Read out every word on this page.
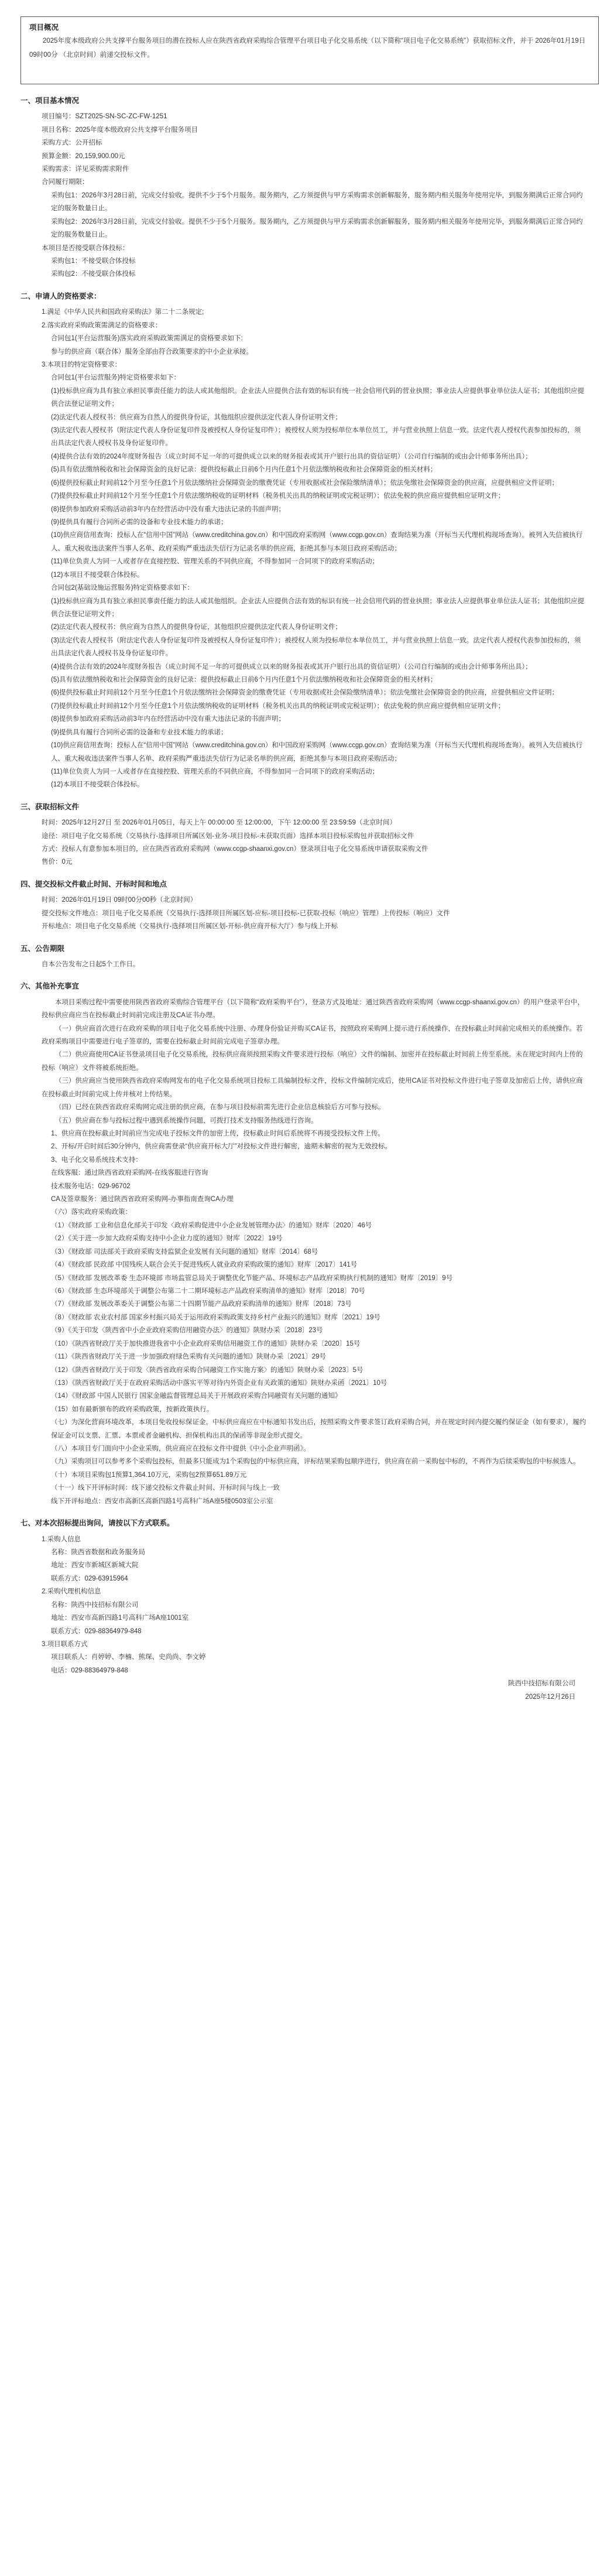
项目概况
2025年度本级政府公共支撑平台服务项目的潜在投标人应在陕西省政府采购综合管理平台项目电子化交易系统（以下简称“项目电子化交易系统”）获取招标文件，并于 2026年01月19日 09时00分 （北京时间）前递交投标文件。
一、项目基本情况
项目编号：SZT2025-SN-SC-ZC-FW-1251
项目名称：2025年度本级政府公共支撑平台服务项目
采购方式：公开招标
预算金额：20,159,900.00元
采购需求：详见采购需求附件
合同履行期限：
采购包1：2026年3月28日前，完成交付验收。提供不少于5个月服务。服务期内，乙方须提供与甲方采购需求创新解服务，服务期内相关服务年使用完毕，到服务期满后正常合同约定的服务数量日止。
采购包2：2026年3月28日前，完成交付验收。提供不少于5个月服务。服务期内，乙方须提供与甲方采购需求创新解服务，服务期内相关服务年使用完毕，到服务期满后正常合同约定的服务数量日止。
本项目是否接受联合体投标：
采购包1：不接受联合体投标
采购包2：不接受联合体投标
二、申请人的资格要求：
1.满足《中华人民共和国政府采购法》第二十二条规定;
2.落实政府采购政策需满足的资格要求：
合同包1(平台运营服务)落实政府采购政策需满足的资格要求如下:
参与的供应商（联合体）服务全部由符合政策要求的中小企业承接。
3.本项目的特定资格要求：
合同包1(平台运营服务)特定资格要求如下：
(1)投标供应商为具有独立承担民事责任能力的法人或其他组织。企业法人应提供合法有效的标识有统一社会信用代码的营业执照；事业法人应提供事业单位法人证书；其他组织应提供合法登记证明文件；
(2)法定代表人授权书：供应商为自然人的提供身份证，其他组织应提供法定代表人身份证明文件；
(3)法定代表人授权书（附法定代表人身份证复印件及被授权人身份证复印件）；被授权人须为投标单位本单位员工，并与营业执照上信息一致。法定代表人授权代表参加投标的，须出具法定代表人授权书及身份证复印件。
(4)提供合法有效的2024年度财务报告（成立时间不足一年的可提供成立以来的财务报表或其开户银行出具的资信证明）（公司自行编制的或由会计师事务所出具）；
(5)具有依法缴纳税收和社会保障资金的良好记录：提供投标截止日前6个月内任意1个月依法缴纳税收和社会保障资金的相关材料；
(6)提供投标截止时间前12个月至今任意1个月依法缴纳社会保障资金的缴费凭证（专用收据或社会保险缴纳清单）；依法免缴社会保障资金的供应商，应提供相应文件证明；
(7)提供投标截止时间前12个月至今任意1个月依法缴纳税收的证明材料（税务机关出具的纳税证明或完税证明）；依法免税的供应商应提供相应证明文件；
(8)提供参加政府采购活动前3年内在经营活动中没有重大违法记录的书面声明；
(9)提供具有履行合同所必需的设备和专业技术能力的承诺；
(10)供应商信用查询：投标人在“信用中国”网站（www.creditchina.gov.cn）和中国政府采购网（www.ccgp.gov.cn）查询结果为准（开标当天代理机构现场查询）。被列入失信被执行人、重大税收违法案件当事人名单、政府采购严重违法失信行为记录名单的供应商，拒绝其参与本项目政府采购活动；
(11)单位负责人为同一人或者存在直接控股、管理关系的不同供应商，不得参加同一合同项下的政府采购活动；
(12)本项目不接受联合体投标。
合同包2(基础设施运营服务)特定资格要求如下：
(1)投标供应商为具有独立承担民事责任能力的法人或其他组织。企业法人应提供合法有效的标识有统一社会信用代码的营业执照；事业法人应提供事业单位法人证书；其他组织应提供合法登记证明文件；
(2)法定代表人授权书：供应商为自然人的提供身份证，其他组织应提供法定代表人身份证明文件；
(3)法定代表人授权书（附法定代表人身份证复印件及被授权人身份证复印件）；被授权人须为投标单位本单位员工，并与营业执照上信息一致。法定代表人授权代表参加投标的，须出具法定代表人授权书及身份证复印件。
(4)提供合法有效的2024年度财务报告（成立时间不足一年的可提供成立以来的财务报表或其开户银行出具的资信证明）（公司自行编制的或由会计师事务所出具）；
(5)具有依法缴纳税收和社会保障资金的良好记录：提供投标截止日前6个月内任意1个月依法缴纳税收和社会保障资金的相关材料；
(6)提供投标截止时间前12个月至今任意1个月依法缴纳社会保障资金的缴费凭证（专用收据或社会保险缴纳清单）；依法免缴社会保障资金的供应商，应提供相应文件证明；
(7)提供投标截止时间前12个月至今任意1个月依法缴纳税收的证明材料（税务机关出具的纳税证明或完税证明）；依法免税的供应商应提供相应证明文件；
(8)提供参加政府采购活动前3年内在经营活动中没有重大违法记录的书面声明；
(9)提供具有履行合同所必需的设备和专业技术能力的承诺；
(10)供应商信用查询：投标人在“信用中国”网站（www.creditchina.gov.cn）和中国政府采购网（www.ccgp.gov.cn）查询结果为准（开标当天代理机构现场查询）。被列入失信被执行人、重大税收违法案件当事人名单、政府采购严重违法失信行为记录名单的供应商，拒绝其参与本项目政府采购活动；
(11)单位负责人为同一人或者存在直接控股、管理关系的不同供应商，不得参加同一合同项下的政府采购活动；
(12)本项目不接受联合体投标。
三、获取招标文件
时间：2025年12月27日 至 2026年01月05日，每天上午 00:00:00 至 12:00:00，下午 12:00:00 至 23:59:59（北京时间）
途径：项目电子化交易系统（交易执行-选择项目所属区划-业务-项目投标-未获取页面）选择本项目投标采购包并获取招标文件
方式：投标人有意参加本项目的，应在陕西省政府采购网（www.ccgp-shaanxi.gov.cn）登录项目电子化交易系统申请获取采购文件
售价：0元
四、提交投标文件截止时间、开标时间和地点
时间：2026年01月19日 09时00分00秒（北京时间）
提交投标文件地点：项目电子化交易系统（交易执行-选择项目所属区划-应标-项目投标-已获取-投标（响应）管理）上传投标（响应）文件
开标地点：项目电子化交易系统（交易执行-选择项目所属区划-开标-供应商开标大厅）参与线上开标
五、公告期限
自本公告发布之日起5个工作日。
六、其他补充事宜
本项目采购过程中需要使用陕西省政府采购综合管理平台（以下简称“政府采购平台”），登录方式及地址：通过陕西省政府采购网（www.ccgp-shaanxi.gov.cn）的用户登录平台中，投标供应商应当在投标截止时间前完成注册及CA证书办理。
（一）供应商首次进行在政府采购的项目电子化交易系统中注册、办理身份验证并购买CA证书，按照政府采购网上提示进行系统操作，在投标截止时间前完成相关的系统操作。若政府采购项目中需要进行电子签章的，需要在投标截止时间前完成电子签章办理。
（二）供应商使用CA证书登录项目电子化交易系统，投标供应商须按照采购文件要求进行投标（响应）文件的编制、加密并在投标截止时间前上传至系统。未在规定时间内上传的投标（响应）文件将被系统拒绝。
（三）供应商应当使用陕西省政府采购网发布的电子化交易系统项目投标工具编制投标文件，投标文件编制完成后，使用CA证书对投标文件进行电子签章及加密后上传，请供应商在投标截止时间前完成上传并核对上传结果。
（四）已经在陕西省政府采购网完成注册的供应商，在参与项目投标前需先进行企业信息核验后方可参与投标。
（五）供应商在参与投标过程中遇到系统操作问题，可拨打技术支持服务热线进行咨询。
1、供应商在投标截止时间前应当完成电子投标文件的加密上传，投标截止时间后系统将不再接受投标文件上传。
2、开标/开启时间后30分钟内，供应商需登录“供应商开标大厅”对投标文件进行解密，逾期未解密的视为无效投标。
3、电子化交易系统技术支持：
在线客服：通过陕西省政府采购网-在线客服进行咨询
技术服务电话：029-96702
CA及签章服务：通过陕西省政府采购网-办事指南查询CA办理
（六）落实政府采购政策：
（1）《财政部 工业和信息化部关于印发〈政府采购促进中小企业发展管理办法〉的通知》财库〔2020〕46号
（2）《关于进一步加大政府采购支持中小企业力度的通知》财库〔2022〕19号
（3）《财政部 司法部关于政府采购支持监狱企业发展有关问题的通知》财库〔2014〕68号
（4）《财政部 民政部 中国残疾人联合会关于促进残疾人就业政府采购政策的通知》财库〔2017〕141号
（5）《财政部 发展改革委 生态环境部 市场监管总局关于调整优化节能产品、环境标志产品政府采购执行机制的通知》财库〔2019〕9号
（6）《财政部 生态环境部关于调整公布第二十二期环境标志产品政府采购清单的通知》财库〔2018〕70号
（7）《财政部 发展改革委关于调整公布第二十四期节能产品政府采购清单的通知》财库〔2018〕73号
（8）《财政部 农业农村部 国家乡村振兴局关于运用政府采购政策支持乡村产业振兴的通知》财库〔2021〕19号
（9）《关于印发〈陕西省中小企业政府采购信用融资办法〉的通知》陕财办采〔2018〕23号
（10）《陕西省财政厅关于加快推进我省中小企业政府采购信用融资工作的通知》陕财办采〔2020〕15号
（11）《陕西省财政厅关于进一步加强政府绿色采购有关问题的通知》陕财办采〔2021〕29号
（12）《陕西省财政厅关于印发〈陕西省政府采购合同融资工作实施方案〉的通知》陕财办采〔2023〕5号
（13）《陕西省财政厅关于在政府采购活动中落实平等对待内外资企业有关政策的通知》陕财办采函〔2021〕10号
（14）《财政部 中国人民银行 国家金融监督管理总局关于开展政府采购合同融资有关问题的通知》
（15）如有最新颁布的政府采购政策，按新政策执行。
（七）为深化营商环境改革，本项目免收投标保证金。中标供应商应在中标通知书发出后，按照采购文件要求签订政府采购合同，并在规定时间内提交履约保证金（如有要求），履约保证金可以支票、汇票、本票或者金融机构、担保机构出具的保函等非现金形式提交。
（八）本项目专门面向中小企业采购，供应商应在投标文件中提供《中小企业声明函》。
（九）采购项目可以参考多个采购包投标，但最多只能成为1个采购包的中标供应商，评标结果采购包顺序进行，供应商在前一采购包中标的，不再作为后续采购包的中标候选人。
（十）本项目采购包1预算1,364.10万元，采购包2预算651.89万元
（十一）线下开评标时间：线下递交投标文件截止时间、开标时间与线上一致
线下开评标地点：西安市高新区高新四路1号高科广场A座5楼0503室公示室
七、对本次招标提出询问，请按以下方式联系。
1.采购人信息
名称：陕西省数据和政务服务局
地址：西安市新城区新城大院
联系方式：029-63915964
2.采购代理机构信息
名称：陕西中技招标有限公司
地址：西安市高新四路1号高科广场A座1001室
联系方式：029-88364979-848
3.项目联系方式
项目联系人：肖婷婷、李楠、熊琛、史尚尚、李文婷
电话：029-88364979-848
陕西中技招标有限公司
2025年12月26日
